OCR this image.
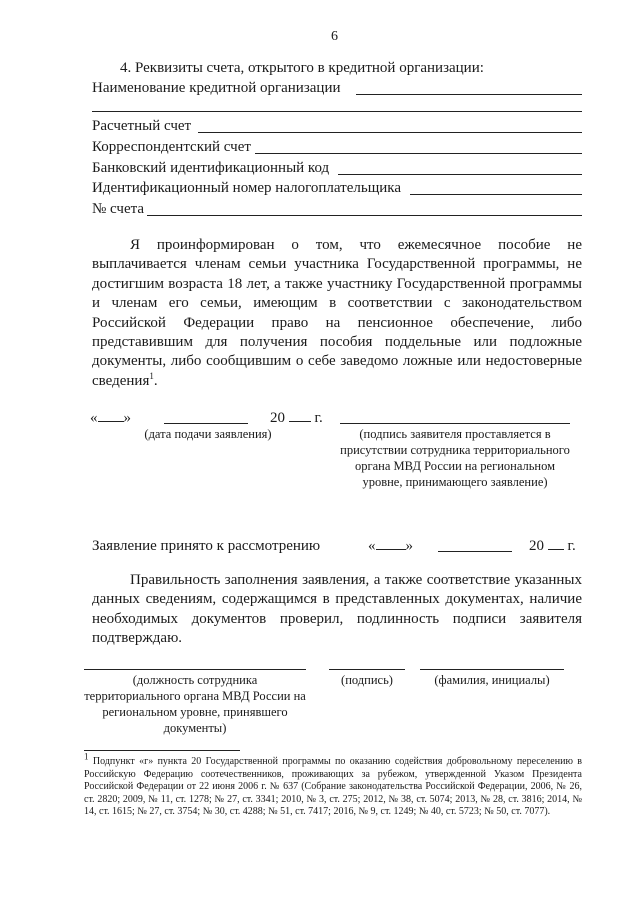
6
4. Реквизиты счета, открытого в кредитной организации:
Наименование кредитной организации
Расчетный счет
Корреспондентский счет
Банковский идентификационный код
Идентификационный номер налогоплательщика
№ счета
Я проинформирован о том, что ежемесячное пособие не выплачивается членам семьи участника Государственной программы, не достигшим возраста 18 лет, а также участнику Государственной программы и членам его семьи, имеющим в соответствии с законодательством Российской Федерации право на пенсионное обеспечение, либо представившим для получения пособия поддельные или подложные документы, либо сообщившим о себе заведомо ложные или недостоверные сведения$^1$.
« »	20 г.
(дата подачи заявления)	(подпись заявителя проставляется в присутствии сотрудника территориального органа МВД России на региональном уровне, принимающего заявление)
Заявление принято к рассмотрению	« »	20 г.
Правильность заполнения заявления, а также соответствие указанных данных сведениям, содержащимся в представленных документах, наличие необходимых документов проверил, подлинность подписи заявителя подтверждаю.
(должность сотрудника территориального органа МВД России на региональном уровне, принявшего документы)
(подпись)	(фамилия, инициалы)
$^1$ Подпункт «г» пункта 20 Государственной программы по оказанию содействия добровольному переселению в Российскую Федерацию соотечественников, проживающих за рубежом, утвержденной Указом Президента Российской Федерации от 22 июня 2006 г. № 637 (Собрание законодательства Российской Федерации, 2006, № 26, ст. 2820; 2009, № 11, ст. 1278; № 27, ст. 3341; 2010, № 3, ст. 275; 2012, № 38, ст. 5074; 2013, № 28, ст. 3816; 2014, № 14, ст. 1615; № 27, ст. 3754; № 30, ст. 4288; № 51, ст. 7417; 2016, № 9, ст. 1249; № 40, ст. 5723; № 50, ст. 7077).
